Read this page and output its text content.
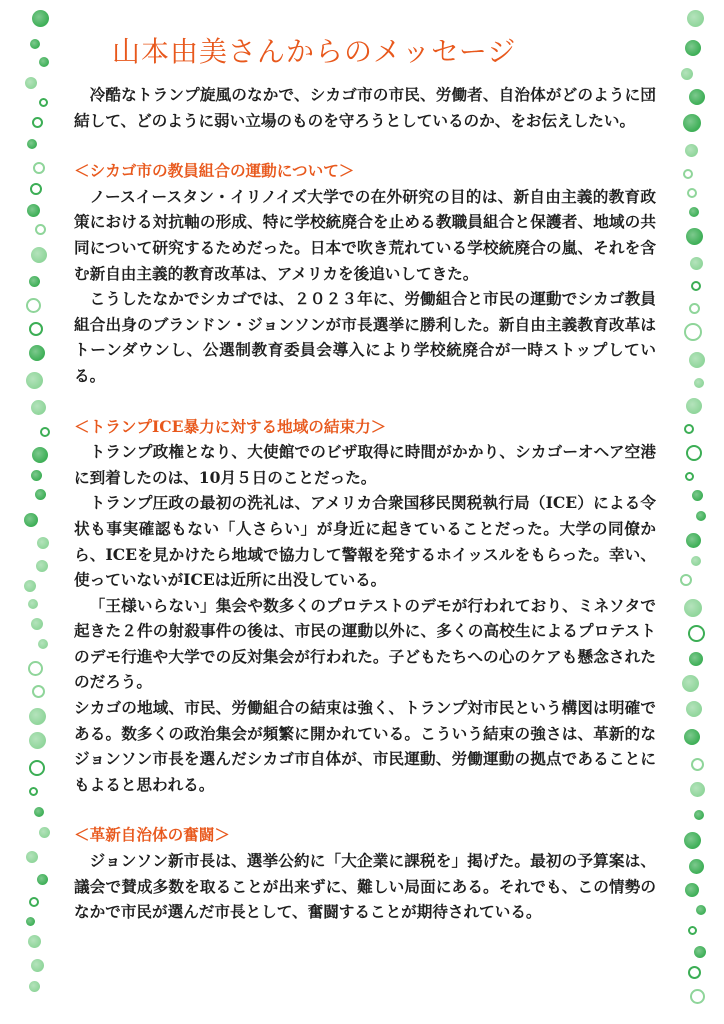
山本由美さんからのメッセージ

冷酷なトランプ旋風のなかで、シカゴ市の市民、労働者、自治体がどのように団結して、どのように弱い立場のものを守ろうとしているのか、をお伝えしたい。

＜シカゴ市の教員組合の運動について＞

ノースイースタン・イリノイズ大学での在外研究の目的は、新自由主義的教育政策における対抗軸の形成、特に学校統廃合を止める教職員組合と保護者、地域の共同について研究するためだった。日本で吹き荒れている学校統廃合の嵐、それを含む新自由主義的教育改革は、アメリカを後追いしてきた。

こうしたなかでシカゴでは、２０２３年に、労働組合と市民の運動でシカゴ教員組合出身のブランドン・ジョンソンが市長選挙に勝利した。新自由主義教育改革はトーンダウンし、公選制教育委員会導入により学校統廃合が一時ストップしている。

＜トランプICE暴力に対する地域の結束力＞

トランプ政権となり、大使館でのビザ取得に時間がかかり、シカゴーオヘア空港に到着したのは、10月５日のことだった。

トランプ圧政の最初の洗礼は、アメリカ合衆国移民関税執行局（ICE）による令状も事実確認もない「人さらい」が身近に起きていることだった。大学の同僚から、ICEを見かけたら地域で協力して警報を発するホイッスルをもらった。幸い、使っていないがICEは近所に出没している。

「王様いらない」集会や数多くのプロテストのデモが行われており、ミネソタで起きた２件の射殺事件の後は、市民の運動以外に、多くの高校生によるプロテストのデモ行進や大学での反対集会が行われた。子どもたちへの心のケアも懸念されたのだろう。

シカゴの地域、市民、労働組合の結束は強く、トランプ対市民という構図は明確である。数多くの政治集会が頻繁に開かれている。こういう結束の強さは、革新的なジョンソン市長を選んだシカゴ市自体が、市民運動、労働運動の拠点であることにもよると思われる。

＜革新自治体の奮闘＞

ジョンソン新市長は、選挙公約に「大企業に課税を」掲げた。最初の予算案は、議会で賛成多数を取ることが出来ずに、難しい局面にある。それでも、この情勢のなかで市民が選んだ市長として、奮闘することが期待されている。
